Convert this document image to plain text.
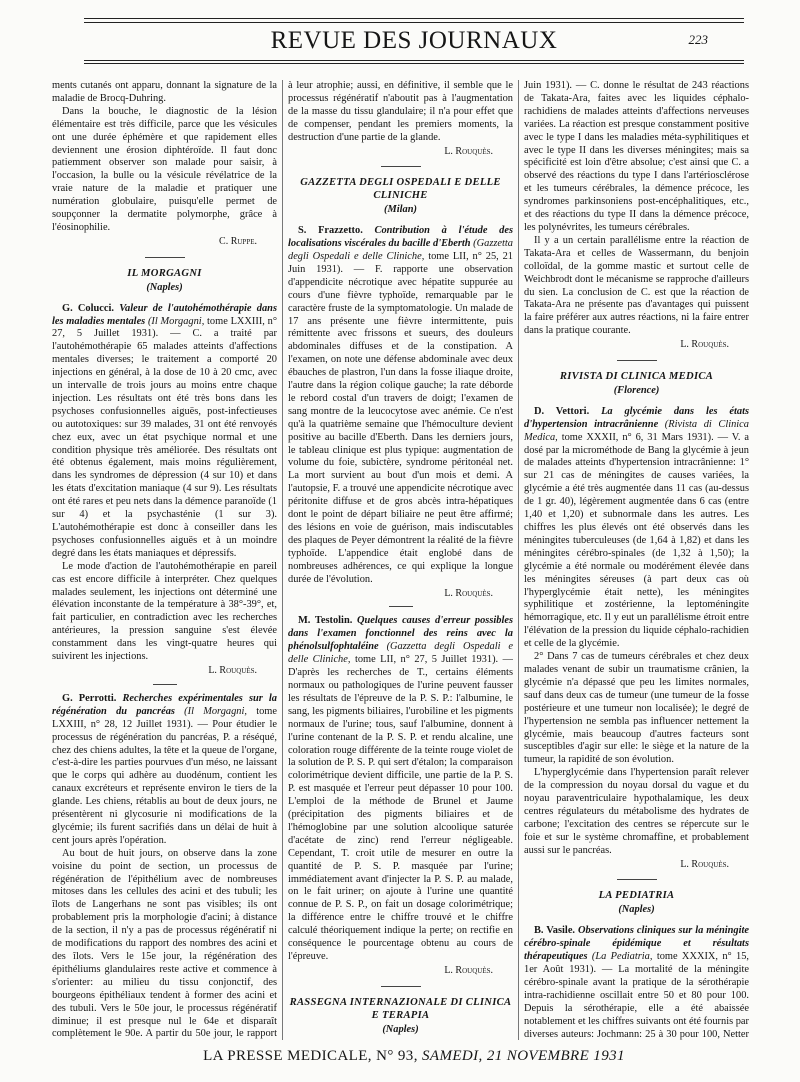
REVUE DES JOURNAUX	223

ments cutanés ont apparu, donnant la signature de la maladie de Brocq-Duhring.

Dans la bouche, le diagnostic de la lésion élémentaire est très difficile, parce que les vésicules ont une durée éphémère et que rapidement elles deviennent une érosion diphtéroïde. Il faut donc patiemment observer son malade pour saisir, à l'occasion, la bulle ou la vésicule révélatrice de la vraie nature de la maladie et pratiquer une numération globulaire, puisqu'elle permet de soupçonner la dermatite polymorphe, grâce à l'éosinophilie.

C. Ruppe.
IL MORGAGNI
(Naples)

G. Colucci. Valeur de l'autohémothérapie dans les maladies mentales (Il Morgagni, tome LXXIII, n° 27, 5 Juillet 1931). — C. a traité par l'autohémothérapie 65 malades atteints d'affections mentales diverses; le traitement a comporté 20 injections en général, à la dose de 10 à 20 cmc, avec un intervalle de trois jours au moins entre chaque injection. Les résultats ont été très bons dans les psychoses confusionnelles aiguës, post-infectieuses ou autotoxiques: sur 39 malades, 31 ont été renvoyés chez eux, avec un état psychique normal et une condition physique très améliorée. Des résultats ont été obtenus également, mais moins régulièrement, dans les syndromes de dépression (4 sur 10) et dans les états d'excitation maniaque (4 sur 9). Les résultats ont été rares et peu nets dans la démence paranoïde (1 sur 4) et la psychasténie (1 sur 3). L'autohémothérapie est donc à conseiller dans les psychoses confusionnelles aiguës et à un moindre degré dans les états maniaques et dépressifs.

Le mode d'action de l'autohémothérapie en pareil cas est encore difficile à interpréter. Chez quelques malades seulement, les injections ont déterminé une élévation inconstante de la température à 38°-39°, et, fait particulier, en contradiction avec les recherches antérieures, la pression sanguine s'est élevée constamment dans les vingt-quatre heures qui suivirent les injections.

L. Rouquès.

G. Perrotti. Recherches expérimentales sur la régénération du pancréas (Il Morgagni, tome LXXIII, n° 28, 12 Juillet 1931). — Pour étudier le processus de régénération du pancréas, P. a réséqué, chez des chiens adultes, la tête et la queue de l'organe, c'est-à-dire les parties pourvues d'un méso, ne laissant que le corps qui adhère au duodénum, contient les canaux excréteurs et représente environ le tiers de la glande. Les chiens, rétablis au bout de deux jours, ne présentèrent ni glycosurie ni modifications de la glycémie; ils furent sacrifiés dans un délai de huit à cent jours après l'opération.

Au bout de huit jours, on observe dans la zone voisine du point de section, un processus de régénération de l'épithélium avec de nombreuses mitoses dans les cellules des acini et des tubuli; les îlots de Langerhans ne sont pas visibles; ils ont probablement pris la morphologie d'acini; à distance de la section, il n'y a pas de processus régénératif ni de modifications du rapport des nombres des acini et des îlots. Vers le 15e jour, la régénération des épithéliums glandulaires reste active et commence à s'orienter: au milieu du tissu conjonctif, des bourgeons épithéliaux tendent à former des acini et des tubuli. Vers le 50e jour, le processus régénératif diminue; il est presque nul le 64e et disparaît complètement le 90e. A partir du 50e jour, le rapport

à leur atrophie; aussi, en définitive, il semble que le processus régénératif n'aboutit pas à l'augmentation de la masse du tissu glandulaire; il n'a pour effet que de compenser, pendant les premiers moments, la destruction d'une partie de la glande.

L. Rouquès.
GAZZETTA DEGLI OSPEDALI E DELLE CLINICHE
(Milan)

S. Frazzetto. Contribution à l'étude des localisations viscérales du bacille d'Eberth (Gazzetta degli Ospedali e delle Cliniche, tome LII, n° 25, 21 Juin 1931). — F. rapporte une observation d'appendicite nécrotique avec hépatite suppurée au cours d'une fièvre typhoïde, remarquable par le caractère fruste de la symptomatologie. Un malade de 17 ans présente une fièvre intermittente, puis rémittente avec frissons et sueurs, des douleurs abdominales diffuses et de la constipation. A l'examen, on note une défense abdominale avec deux ébauches de plastron, l'un dans la fosse iliaque droite, l'autre dans la région colique gauche; la rate déborde le rebord costal d'un travers de doigt; l'examen de sang montre de la leucocytose avec anémie. Ce n'est qu'à la quatrième semaine que l'hémoculture devient positive au bacille d'Eberth. Dans les derniers jours, le tableau clinique est plus typique: augmentation de volume du foie, subictère, syndrome péritonéal net. La mort survient au bout d'un mois et demi. A l'autopsie, F. a trouvé une appendicite nécrotique avec péritonite diffuse et de gros abcès intra-hépatiques dont le point de départ biliaire ne peut être affirmé; des lésions en voie de guérison, mais indiscutables des plaques de Peyer démontrent la réalité de la fièvre typhoïde. L'appendice était englobé dans de nombreuses adhérences, ce qui explique la longue durée de l'évolution.

L. Rouquès.

M. Testolin. Quelques causes d'erreur possibles dans l'examen fonctionnel des reins avec la phénolsulfophtaléine (Gazzetta degli Ospedali e delle Cliniche, tome LII, n° 27, 5 Juillet 1931). — D'après les recherches de T., certains éléments normaux ou pathologiques de l'urine peuvent fausser les résultats de l'épreuve de la P. S. P.: l'albumine, le sang, les pigments biliaires, l'urobiline et les pigments normaux de l'urine; tous, sauf l'albumine, donnent à l'urine contenant de la P. S. P. et rendu alcaline, une coloration rouge différente de la teinte rouge violet de la solution de P. S. P. qui sert d'étalon; la comparaison colorimétrique devient difficile, une partie de la P. S. P. est masquée et l'erreur peut dépasser 10 pour 100. L'emploi de la méthode de Brunel et Jaume (précipitation des pigments biliaires et de l'hémoglobine par une solution alcoolique saturée d'acétate de zinc) rend l'erreur négligeable. Cependant, T. croit utile de mesurer en outre la quantité de P. S. P. masquée par l'urine; immédiatement avant d'injecter la P. S. P. au malade, on le fait uriner; on ajoute à l'urine une quantité connue de P. S. P., on fait un dosage colorimétrique; la différence entre le chiffre trouvé et le chiffre calculé théoriquement indique la perte; on rectifie en conséquence le pourcentage obtenu au cours de l'épreuve.

L. Rouquès.
RASSEGNA INTERNAZIONALE DI CLINICA E TERAPIA
(Naples)

Juin 1931). — C. donne le résultat de 243 réactions de Takata-Ara, faites avec les liquides céphalo-rachidiens de malades atteints d'affections nerveuses variées. La réaction est presque constamment positive avec le type I dans les maladies méta-syphilitiques et avec le type II dans les diverses méningites; mais sa spécificité est loin d'être absolue; c'est ainsi que C. a observé des réactions du type I dans l'artériosclérose et les tumeurs cérébrales, la démence précoce, les syndromes parkinsoniens post-encéphalitiques, etc., et des réactions du type II dans la démence précoce, les polynévrites, les tumeurs cérébrales.

Il y a un certain parallélisme entre la réaction de Takata-Ara et celles de Wassermann, du benjoin colloïdal, de la gomme mastic et surtout celle de Weichbrodt dont le mécanisme se rapproche d'ailleurs du sien. La conclusion de C. est que la réaction de Takata-Ara ne présente pas d'avantages qui puissent la faire préférer aux autres réactions, ni la faire entrer dans la pratique courante.

L. Rouquès.
RIVISTA DI CLINICA MEDICA
(Florence)

D. Vettori. La glycémie dans les états d'hypertension intracrânienne (Rivista di Clinica Medica, tome XXXII, n° 6, 31 Mars 1931). — V. a dosé par la microméthode de Bang la glycémie à jeun de malades atteints d'hypertension intracrânienne: 1° sur 21 cas de méningites de causes variées, la glycémie a été très augmentée dans 11 cas (au-dessus de 1 gr. 40), légèrement augmentée dans 6 cas (entre 1,40 et 1,20) et subnormale dans les autres. Les chiffres les plus élevés ont été observés dans les méningites tuberculeuses (de 1,64 à 1,82) et dans les méningites cérébro-spinales (de 1,32 à 1,50); la glycémie a été normale ou modérément élevée dans les méningites séreuses (à part deux cas où l'hyperglycémie était nette), les méningites syphilitique et zostérienne, la leptoméningite hémorragique, etc. Il y eut un parallélisme étroit entre l'élévation de la pression du liquide céphalo-rachidien et celle de la glycémie.

2° Dans 7 cas de tumeurs cérébrales et chez deux malades venant de subir un traumatisme crânien, la glycémie n'a dépassé que peu les limites normales, sauf dans deux cas de tumeur (une tumeur de la fosse postérieure et une tumeur non localisée); le degré de l'hypertension ne sembla pas influencer nettement la glycémie, mais beaucoup d'autres facteurs sont susceptibles d'agir sur elle: le siège et la nature de la tumeur, la rapidité de son évolution.

L'hyperglycémie dans l'hypertension paraît relever de la compression du noyau dorsal du vague et du noyau paraventriculaire hypothalamique, les deux centres régulateurs du métabolisme des hydrates de carbone; l'excitation des centres se répercute sur le foie et sur le système chromaffine, et probablement aussi sur le pancréas.

L. Rouquès.
LA PEDIATRIA
(Naples)

B. Vasile. Observations cliniques sur la méningite cérébro-spinale épidémique et résultats thérapeutiques (La Pediatria, tome XXXIX, n° 15, 1er Août 1931). — La mortalité de la méningite cérébro-spinale avant la pratique de la sérothérapie intra-rachidienne oscillait entre 50 et 80 pour 100. Depuis la sérothérapie, elle a été abaissée notablement et les chiffres suivants ont été fournis par diverses auteurs: Jochmann: 25 à 30 pour 100, Netter

LA PRESSE MEDICALE, N° 93, SAMEDI, 21 NOVEMBRE 1931
